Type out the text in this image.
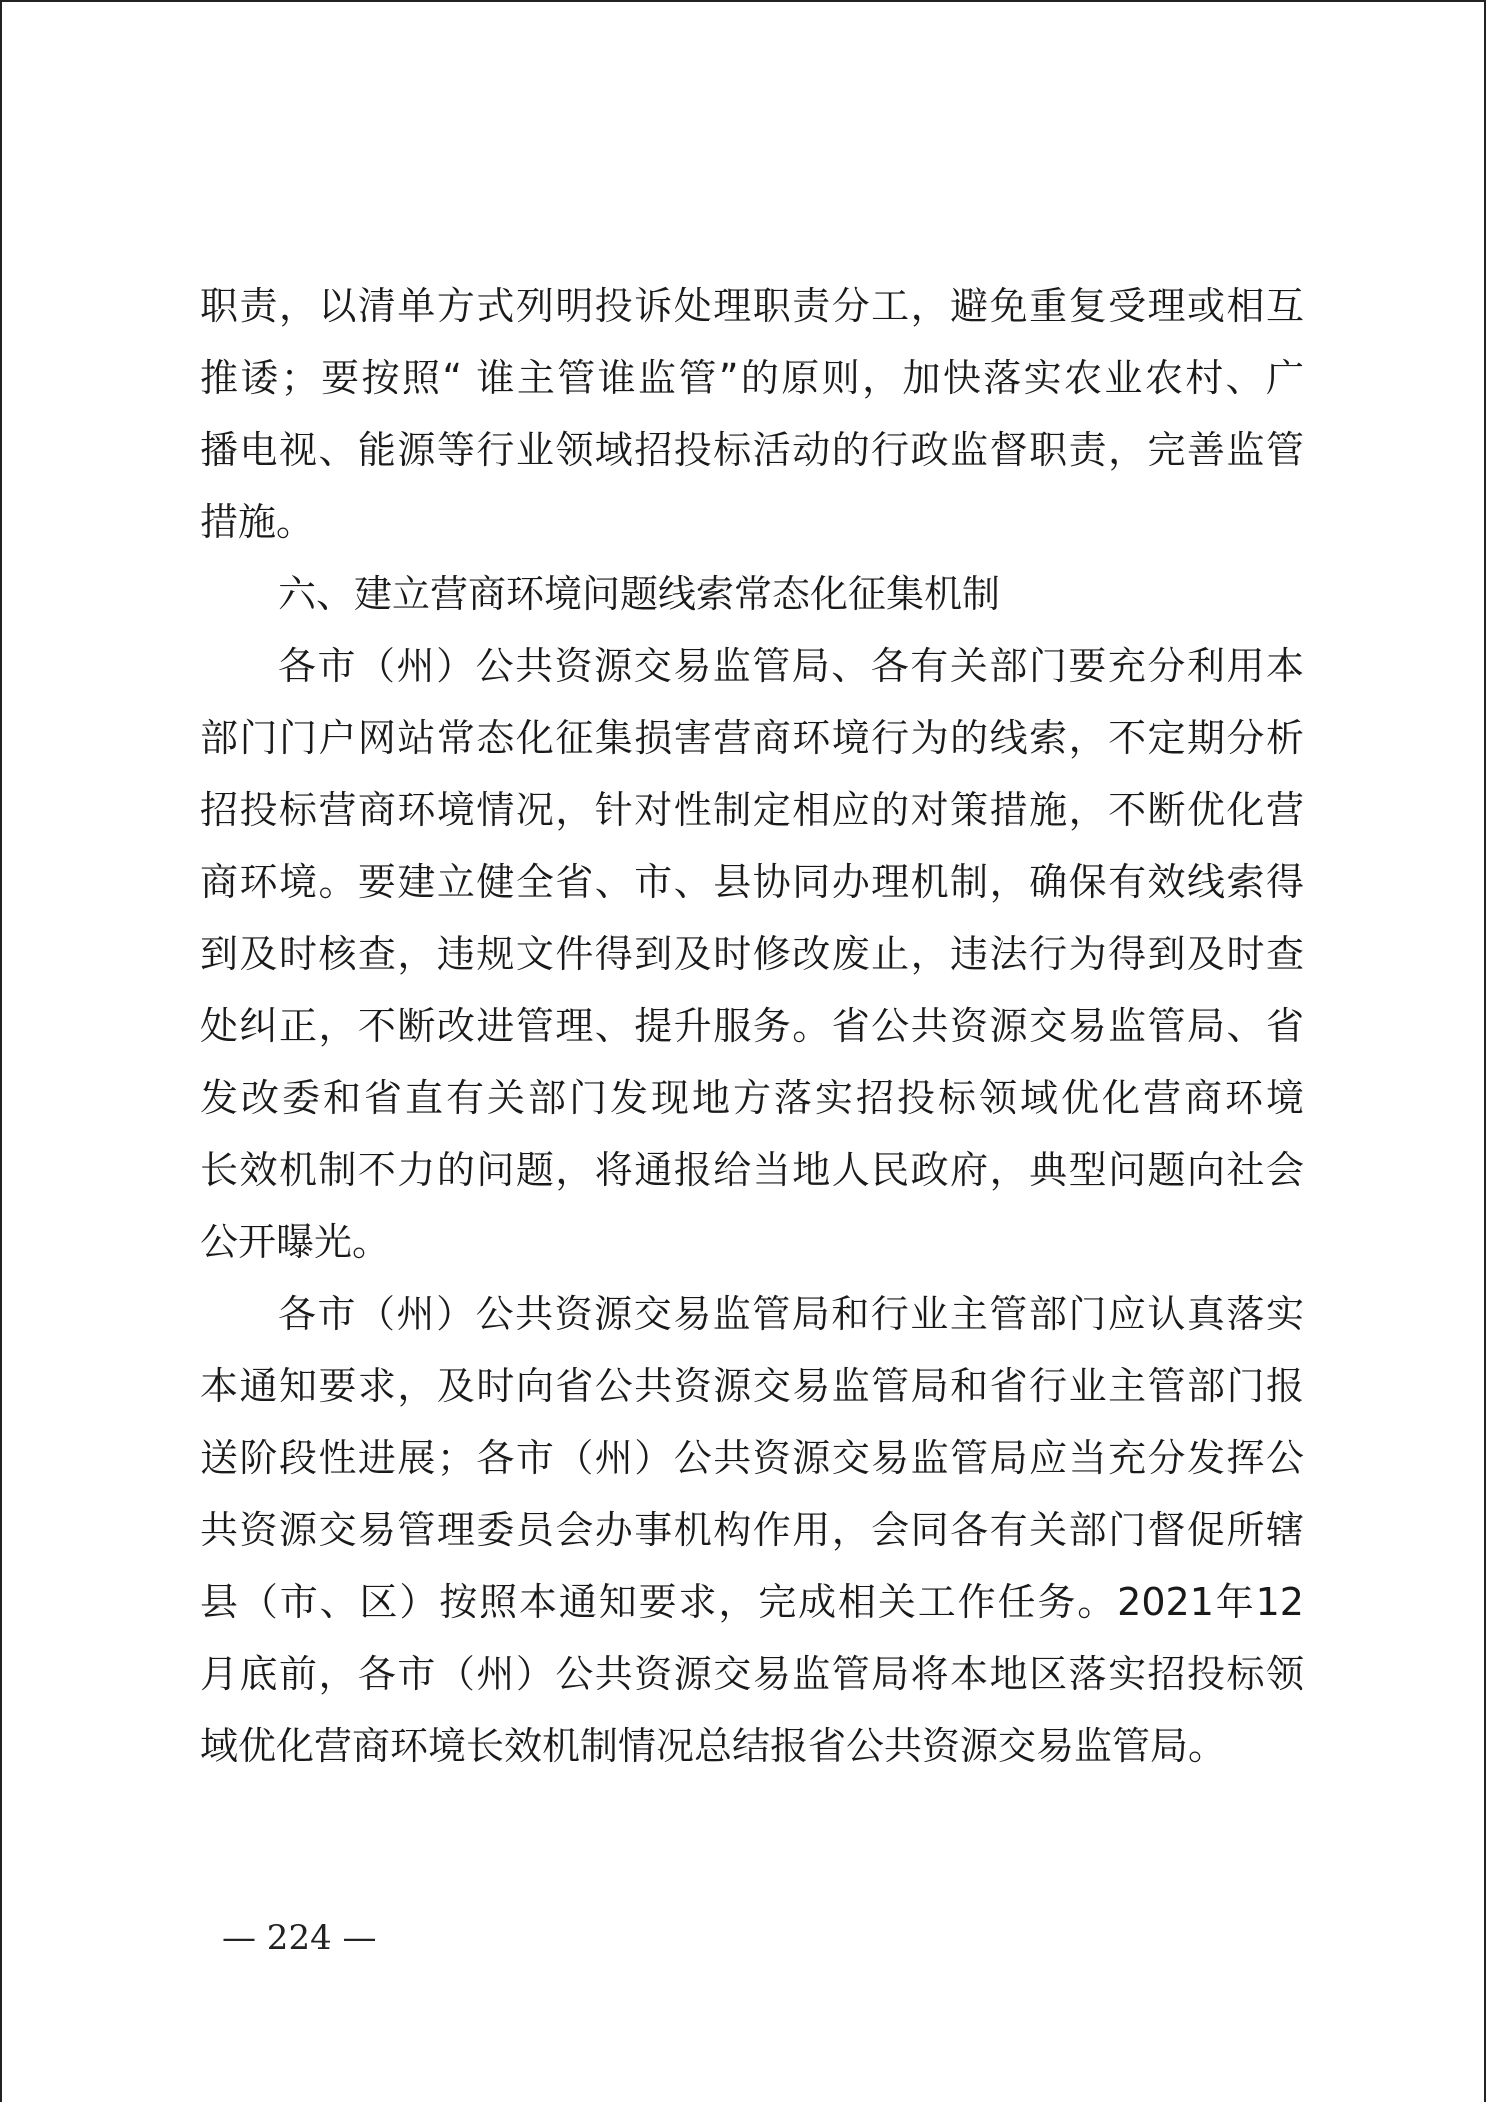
职责，以清单方式列明投诉处理职责分工，避免重复受理或相互
推诿；要按照“ 谁主管谁监管”的原则，加快落实农业农村、广
播电视、能源等行业领域招投标活动的行政监督职责，完善监管
措施。
六、建立营商环境问题线索常态化征集机制
各市（州）公共资源交易监管局、各有关部门要充分利用本
部门门户网站常态化征集损害营商环境行为的线索，不定期分析
招投标营商环境情况，针对性制定相应的对策措施，不断优化营
商环境。要建立健全省、市、县协同办理机制，确保有效线索得
到及时核查，违规文件得到及时修改废止，违法行为得到及时查
处纠正，不断改进管理、提升服务。省公共资源交易监管局、省
发改委和省直有关部门发现地方落实招投标领域优化营商环境
长效机制不力的问题，将通报给当地人民政府，典型问题向社会
公开曝光。
各市（州）公共资源交易监管局和行业主管部门应认真落实
本通知要求，及时向省公共资源交易监管局和省行业主管部门报
送阶段性进展；各市（州）公共资源交易监管局应当充分发挥公
共资源交易管理委员会办事机构作用，会同各有关部门督促所辖
县（市、区）按照本通知要求，完成相关工作任务。2021年12
月底前，各市（州）公共资源交易监管局将本地区落实招投标领
域优化营商环境长效机制情况总结报省公共资源交易监管局。
— 224 —
